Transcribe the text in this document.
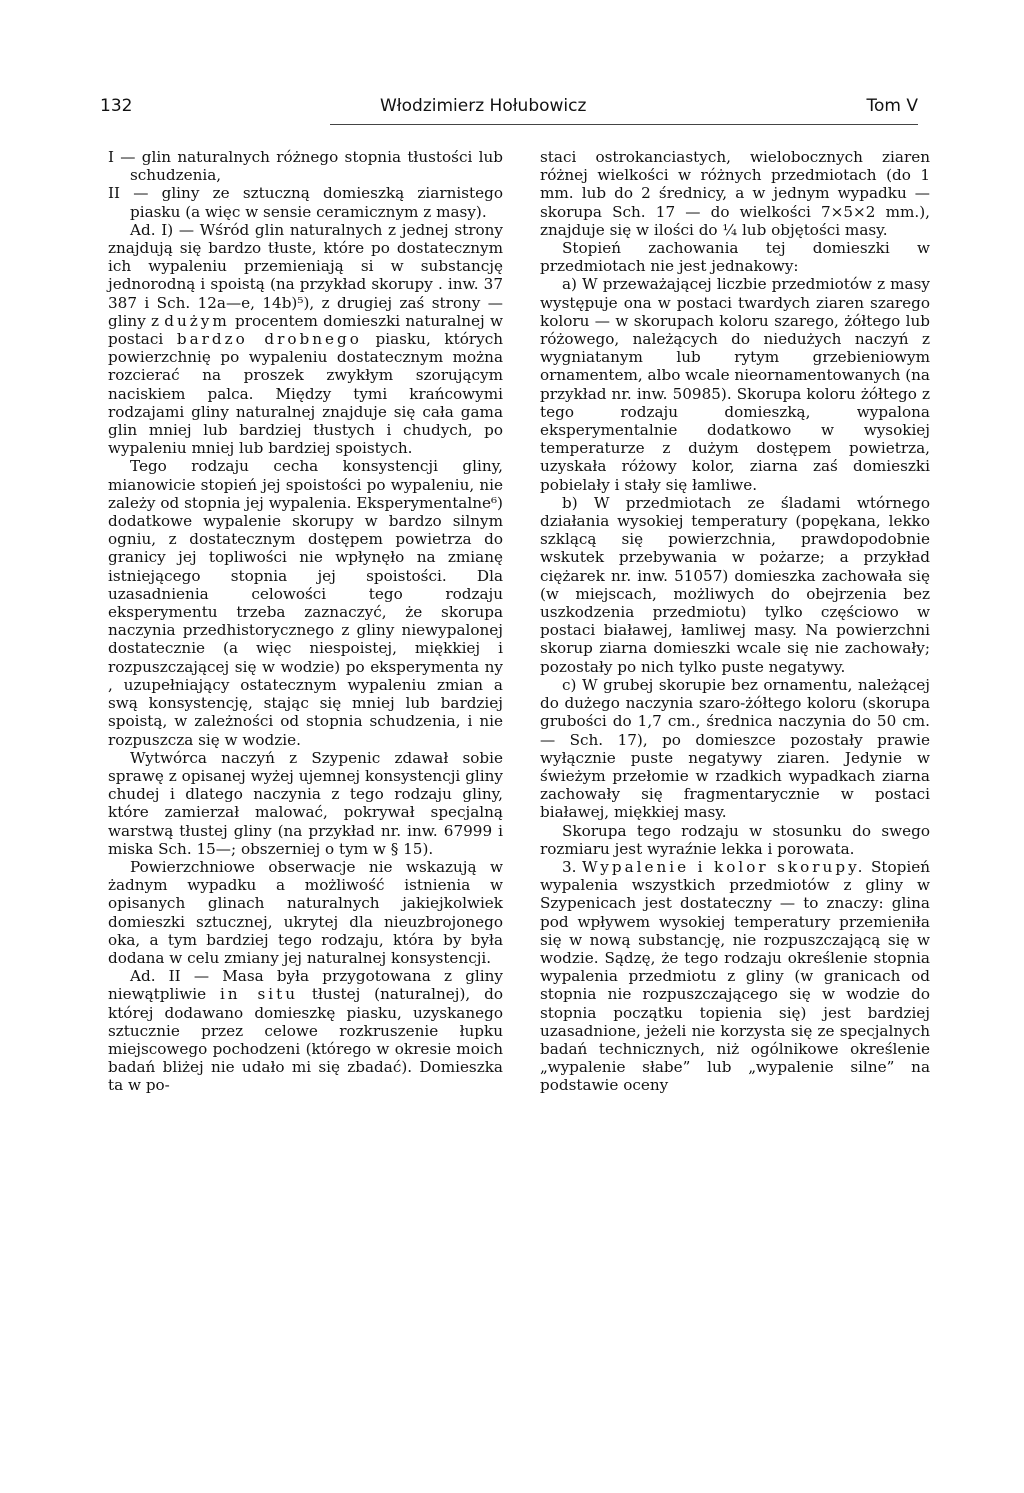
132	Włodzimierz Hołubowicz	Tom V

I — glin naturalnych różnego stopnia tłustości lub schudzenia,

II — gliny ze sztuczną domieszką ziarnistego piasku (a więc w sensie ceramicznym z masy).

Ad. I) — Wśród glin naturalnych z jednej strony znajdują się bardzo tłuste, które po dostatecznym ich wypaleniu przemieniają si w substancję jednorodną i spoistą (na przykład skorupy . inw. 37 387 i Sch. 12a—e, 14b)⁵), z drugiej zaś strony — gliny z dużym procentem domieszki naturalnej w postaci bardzo drobnego piasku, których powierzchnię po wypaleniu dostatecznym można rozcierać na proszek zwykłym szorującym naciskiem palca. Między tymi krańcowymi rodzajami gliny naturalnej znajduje się cała gama glin mniej lub bardziej tłustych i chudych, po wypaleniu mniej lub bardziej spoistych.

Tego rodzaju cecha konsystencji gliny, mianowicie stopień jej spoistości po wypaleniu, nie zależy od stopnia jej wypalenia. Eksperymentalne⁶) dodatkowe wypalenie skorupy w bardzo silnym ogniu, z dostatecznym dostępem powietrza do granicy jej topliwości nie wpłynęło na zmianę istniejącego stopnia jej spoistości. Dla uzasadnienia celowości tego rodzaju eksperymentu trzeba zaznaczyć, że skorupa naczynia przedhistorycznego z gliny niewypalonej dostatecznie (a więc niespoistej, miękkiej i rozpuszczającej się w wodzie) po eksperymenta ny , uzupełniający ostatecznym wypaleniu zmian a swą konsystencję, stając się mniej lub bardziej spoistą, w zależności od stopnia schudzenia, i nie rozpuszcza się w wodzie.

Wytwórca naczyń z Szypenic zdawał sobie sprawę z opisanej wyżej ujemnej konsystencji gliny chudej i dlatego naczynia z tego rodzaju gliny, które zamierzał malować, pokrywał specjalną warstwą tłustej gliny (na przykład nr. inw. 67999 i miska Sch. 15—; obszerniej o tym w § 15).

Powierzchniowe obserwacje nie wskazują w żadnym wypadku a możliwość istnienia w opisanych glinach naturalnych jakiejkolwiek domieszki sztucznej, ukrytej dla nieuzbrojonego oka, a tym bardziej tego rodzaju, która by była dodana w celu zmiany jej naturalnej konsystencji.

Ad. II — Masa była przygotowana z gliny niewątpliwie in situ tłustej (naturalnej), do której dodawano domieszkę piasku, uzyskanego sztucznie przez celowe rozkruszenie łupku miejscowego pochodzeni (którego w okresie moich badań bliżej nie udało mi się zbadać). Domieszka ta w po-

staci ostrokanciastych, wielobocznych ziaren różnej wielkości w różnych przedmiotach (do 1 mm. lub do 2 średnicy, a w jednym wypadku — skorupa Sch. 17 — do wielkości 7×5×2 mm.), znajduje się w ilości do ¼ lub objętości masy.

Stopień zachowania tej domieszki w przedmiotach nie jest jednakowy:

a) W przeważającej liczbie przedmiotów z masy występuje ona w postaci twardych ziaren szarego koloru — w skorupach koloru szarego, żółtego lub różowego, należących do niedużych naczyń z wygniatanym lub rytym grzebieniowym ornamentem, albo wcale nieornamentowanych (na przykład nr. inw. 50985). Skorupa koloru żółtego z tego rodzaju domieszką, wypalona eksperymentalnie dodatkowo w wysokiej temperaturze z dużym dostępem powietrza, uzyskała różowy kolor, ziarna zaś domieszki pobielały i stały się łamliwe.

b) W przedmiotach ze śladami wtórnego działania wysokiej temperatury (popękana, lekko szklącą się powierzchnia, prawdopodobnie wskutek przebywania w pożarze; a przykład ciężarek nr. inw. 51057) domieszka zachowała się (w miejscach, możliwych do obejrzenia bez uszkodzenia przedmiotu) tylko częściowo w postaci białawej, łamliwej masy. Na powierzchni skorup ziarna domieszki wcale się nie zachowały; pozostały po nich tylko puste negatywy.

c) W grubej skorupie bez ornamentu, należącej do dużego naczynia szaro-żółtego koloru (skorupa grubości do 1,7 cm., średnica naczynia do 50 cm. — Sch. 17), po domieszce pozostały prawie wyłącznie puste negatywy ziaren. Jedynie w świeżym przełomie w rzadkich wypadkach ziarna zachowały się fragmentarycznie w postaci białawej, miękkiej masy.

Skorupa tego rodzaju w stosunku do swego rozmiaru jest wyraźnie lekka i porowata.

3. Wypalenie i kolor skorupy. Stopień wypalenia wszystkich przedmiotów z gliny w Szypenicach jest dostateczny — to znaczy: glina pod wpływem wysokiej temperatury przemieniła się w nową substancję, nie rozpuszczającą się w wodzie. Sądzę, że tego rodzaju określenie stopnia wypalenia przedmiotu z gliny (w granicach od stopnia nie rozpuszczającego się w wodzie do stopnia początku topienia się) jest bardziej uzasadnione, jeżeli nie korzysta się ze specjalnych badań technicznych, niż ogólnikowe określenie „wypalenie słabe” lub „wypalenie silne” na podstawie oceny
